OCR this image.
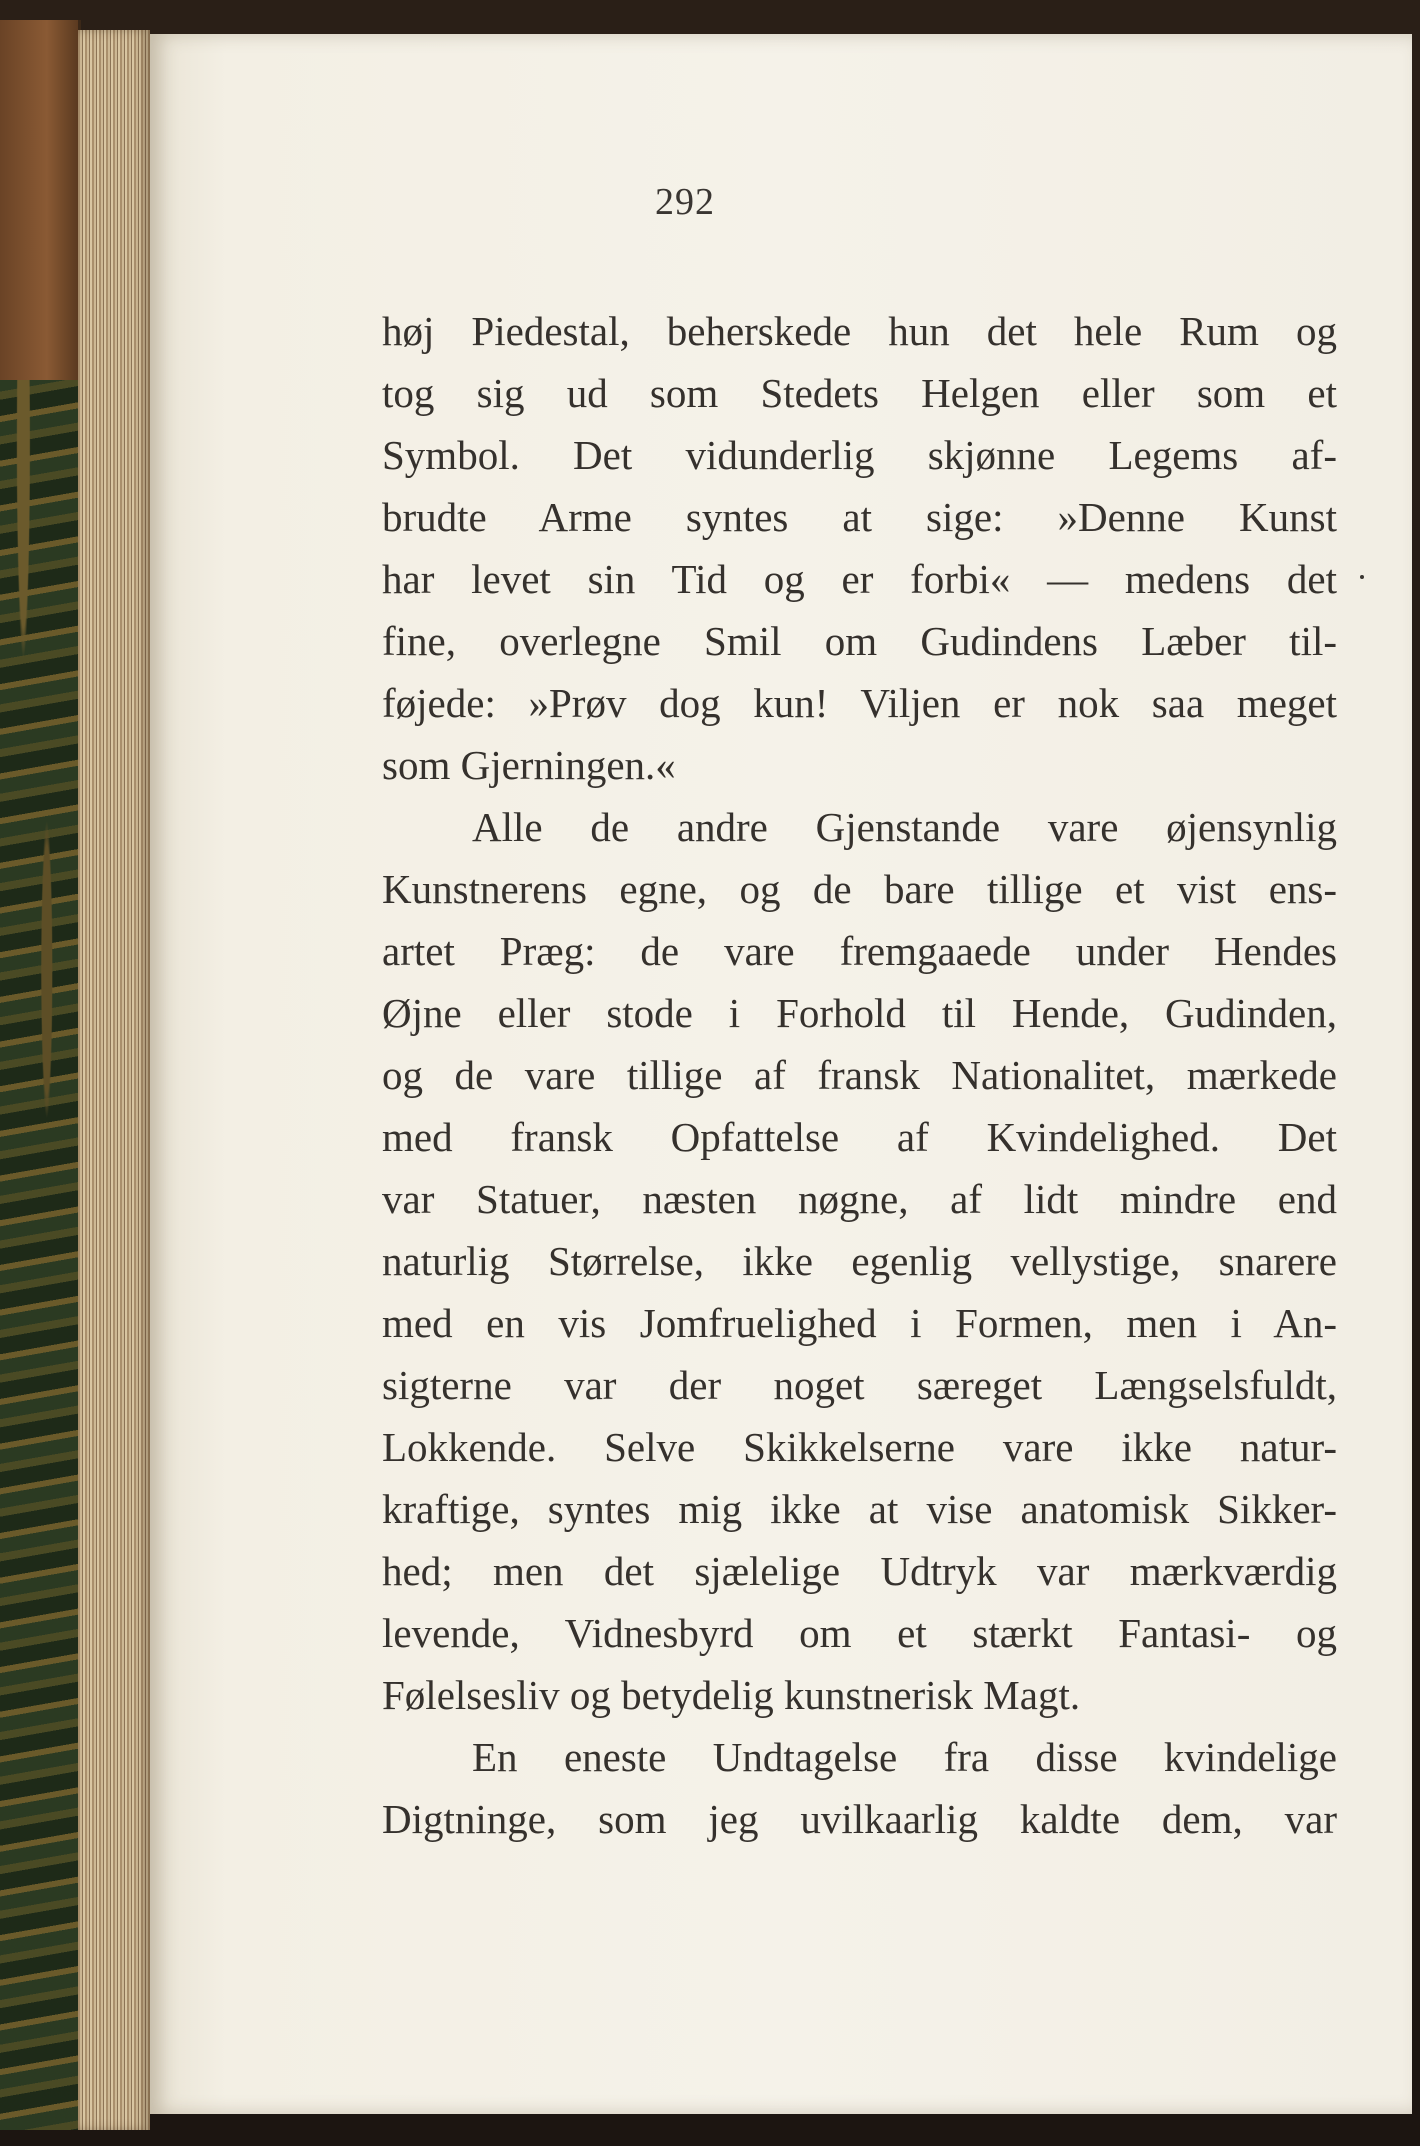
292
høj Piedestal, beherskede hun det hele Rum og
tog sig ud som Stedets Helgen eller som et
Symbol. Det vidunderlig skjønne Legems af-
brudte Arme syntes at sige: »Denne Kunst
har levet sin Tid og er forbi« — medens det
fine, overlegne Smil om Gudindens Læber til-
føjede: »Prøv dog kun! Viljen er nok saa meget
som Gjerningen.«
Alle de andre Gjenstande vare øjensynlig
Kunstnerens egne, og de bare tillige et vist ens-
artet Præg: de vare fremgaaede under Hendes
Øjne eller stode i Forhold til Hende, Gudinden,
og de vare tillige af fransk Nationalitet, mærkede
med fransk Opfattelse af Kvindelighed. Det
var Statuer, næsten nøgne, af lidt mindre end
naturlig Størrelse, ikke egenlig vellystige, snarere
med en vis Jomfruelighed i Formen, men i An-
sigterne var der noget særeget Længselsfuldt,
Lokkende. Selve Skikkelserne vare ikke natur-
kraftige, syntes mig ikke at vise anatomisk Sikker-
hed; men det sjælelige Udtryk var mærkværdig
levende, Vidnesbyrd om et stærkt Fantasi- og
Følelsesliv og betydelig kunstnerisk Magt.
En eneste Undtagelse fra disse kvindelige
Digtninge, som jeg uvilkaarlig kaldte dem, var
